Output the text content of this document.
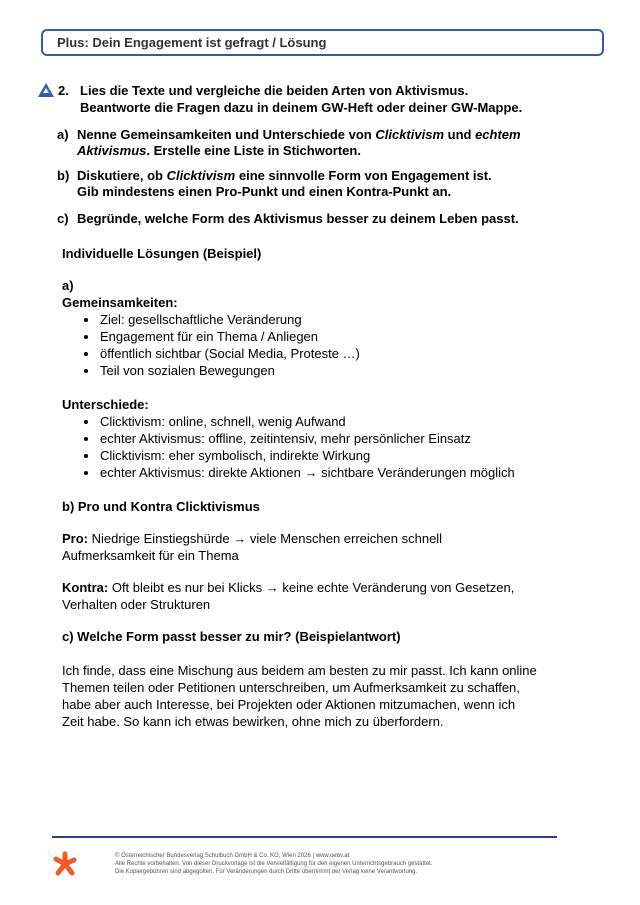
Plus: Dein Engagement ist gefragt / Lösung
2. Lies die Texte und vergleiche die beiden Arten von Aktivismus.
Beantworte die Fragen dazu in deinem GW-Heft oder deiner GW-Mappe.
a) Nenne Gemeinsamkeiten und Unterschiede von Clicktivism und echtem
Aktivismus. Erstelle eine Liste in Stichworten.
b) Diskutiere, ob Clicktivism eine sinnvolle Form von Engagement ist.
Gib mindestens einen Pro-Punkt und einen Kontra-Punkt an.
c) Begründe, welche Form des Aktivismus besser zu deinem Leben passt.
Individuelle Lösungen (Beispiel)
a)
Gemeinsamkeiten:
Ziel: gesellschaftliche Veränderung
Engagement für ein Thema / Anliegen
öffentlich sichtbar (Social Media, Proteste …)
Teil von sozialen Bewegungen
Unterschiede:
Clicktivism: online, schnell, wenig Aufwand
echter Aktivismus: offline, zeitintensiv, mehr persönlicher Einsatz
Clicktivism: eher symbolisch, indirekte Wirkung
echter Aktivismus: direkte Aktionen → sichtbare Veränderungen möglich
b) Pro und Kontra Clicktivismus
Pro: Niedrige Einstiegshürde → viele Menschen erreichen schnell
Aufmerksamkeit für ein Thema
Kontra: Oft bleibt es nur bei Klicks → keine echte Veränderung von Gesetzen,
Verhalten oder Strukturen
c) Welche Form passt besser zu mir? (Beispielantwort)
Ich finde, dass eine Mischung aus beidem am besten zu mir passt. Ich kann online
Themen teilen oder Petitionen unterschreiben, um Aufmerksamkeit zu schaffen,
habe aber auch Interesse, bei Projekten oder Aktionen mitzumachen, wenn ich
Zeit habe. So kann ich etwas bewirken, ohne mich zu überfordern.
© Österreichischer Bundesverlag Schulbuch GmbH & Co. KG, Wien 2026 | www.oebv.at
Alle Rechte vorbehalten. Von dieser Druckvorlage ist die Vervielfältigung für den eigenen Unterrichtsgebrauch gestattet.
Die Kopiergebühren sind abgegolten. Für Veränderungen durch Dritte übernimmt der Verlag keine Verantwortung.
